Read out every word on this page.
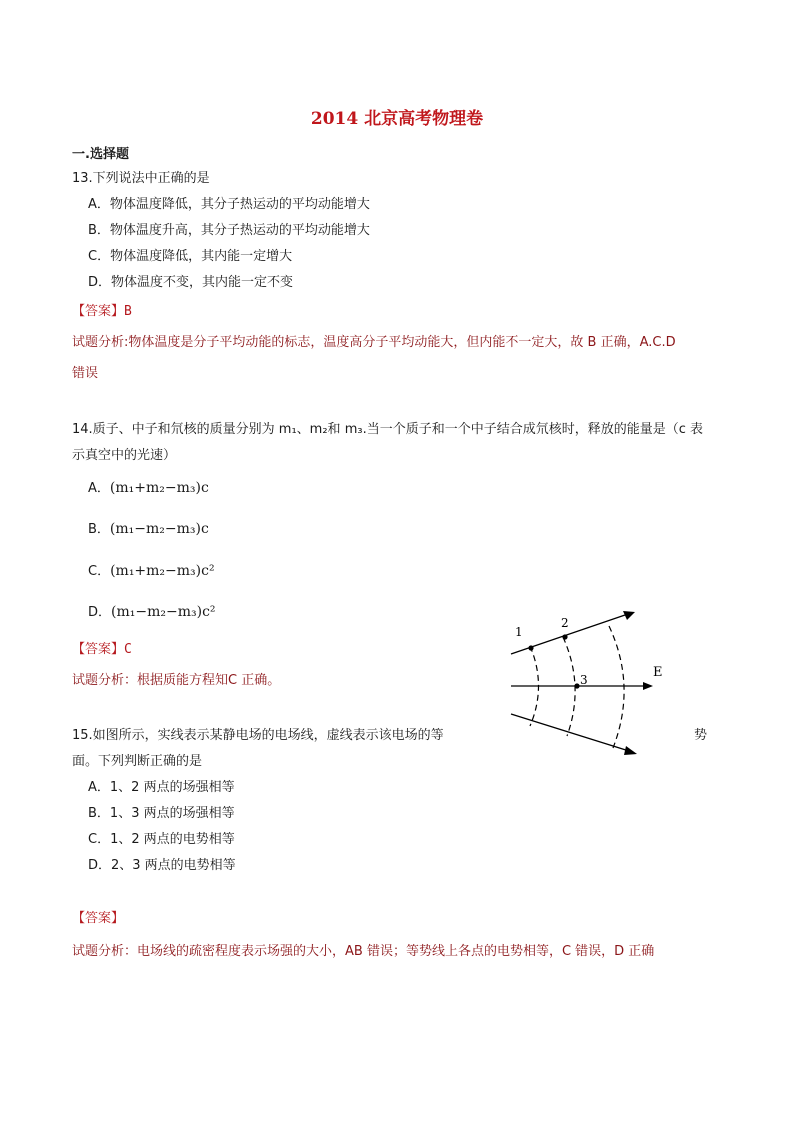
2014 北京高考物理卷
一.选择题
13.下列说法中正确的是
A．物体温度降低，其分子热运动的平均动能增大
B．物体温度升高，其分子热运动的平均动能增大
C．物体温度降低，其内能一定增大
D．物体温度不变，其内能一定不变
【答案】B
试题分析:物体温度是分子平均动能的标志，温度高分子平均动能大，但内能不一定大，故 B 正确，A.C.D
错误
14.质子、中子和氘核的质量分别为 m₁、m₂和 m₃.当一个质子和一个中子结合成氘核时，释放的能量是（c 表
示真空中的光速）
A．(m₁+m₂−m₃)c
B．(m₁−m₂−m₃)c
C．(m₁+m₂−m₃)c²
D．(m₁−m₂−m₃)c²
【答案】C
试题分析：根据质能方程知C 正确。
1
2
3	E
15.如图所示，实线表示某静电场的电场线，虚线表示该电场的等	势
面。下列判断正确的是
A．1、2 两点的场强相等
B．1、3 两点的场强相等
C．1、2 两点的电势相等
D．2、3 两点的电势相等
【答案】
试题分析：电场线的疏密程度表示场强的大小，AB 错误；等势线上各点的电势相等，C 错误，D 正确
